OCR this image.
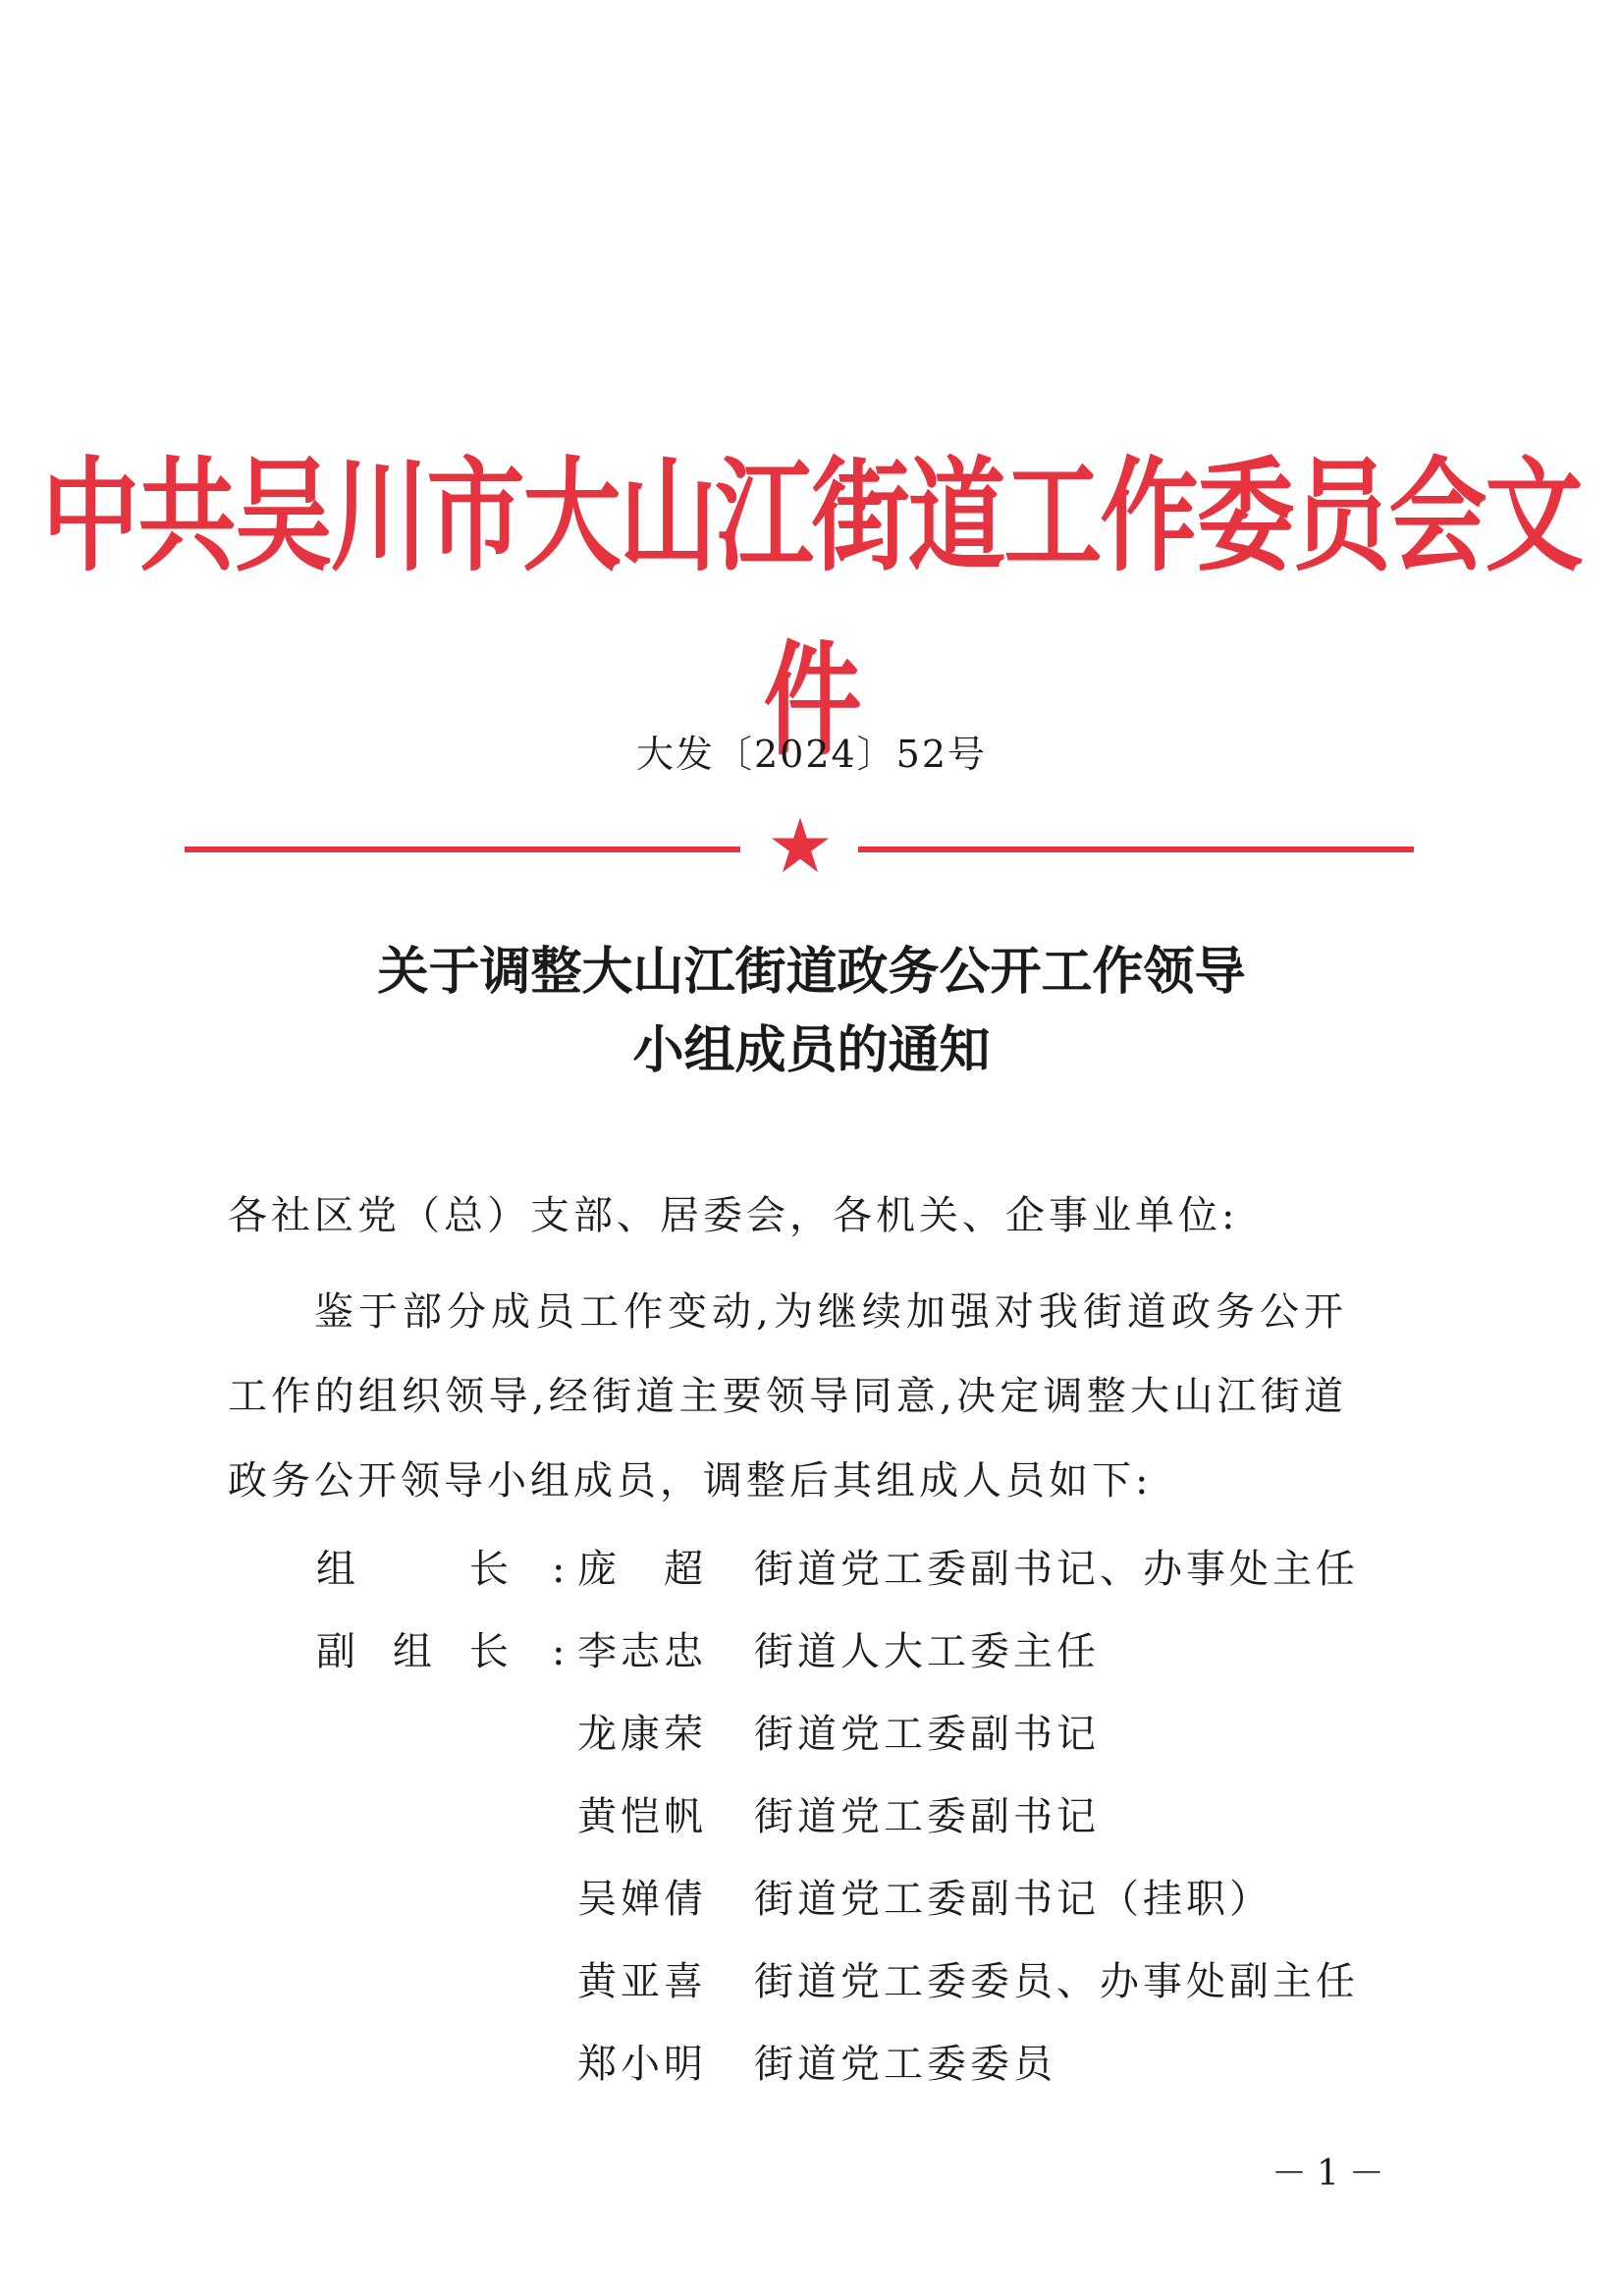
中共吴川市大山江街道工作委员会文件
大发〔2024〕52号
关于调整大山江街道政务公开工作领导
小组成员的通知
各社区党（总）支部、居委会，各机关、企事业单位:
鉴于部分成员工作变动,为继续加强对我街道政务公开工作的组织领导,经街道主要领导同意,决定调整大山江街道政务公开领导小组成员，调整后其组成人员如下:
组	长 : 庞　超 街道党工委副书记、办事处主任
副 组 长 : 李志忠 街道人大工委主任
龙康荣 街道党工委副书记
黄恺帆 街道党工委副书记
吴婵倩 街道党工委副书记（挂职）
黄亚喜 街道党工委委员、办事处副主任
郑小明 街道党工委委员
－1－
